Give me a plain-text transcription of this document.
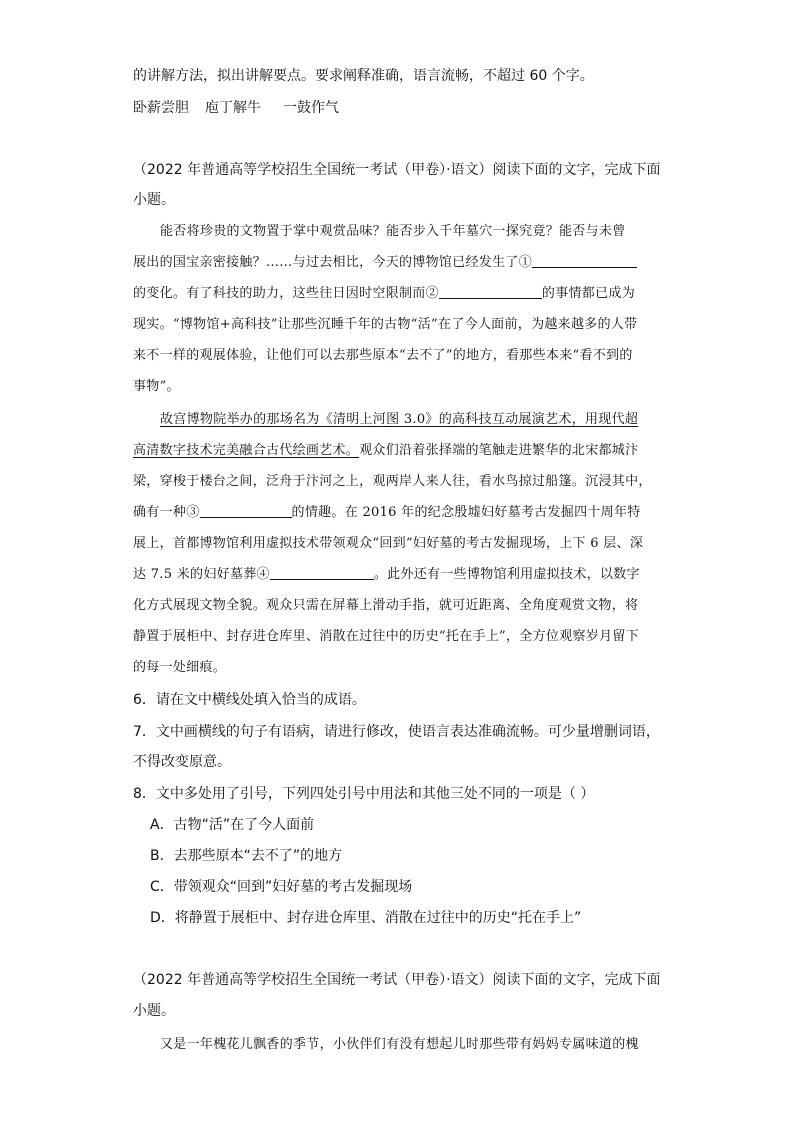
的讲解方法，拟出讲解要点。要求阐释准确，语言流畅，不超过 60 个字。
卧薪尝胆 庖丁解牛 一鼓作气
（2022 年普通高等学校招生全国统一考试（甲卷）·语文）阅读下面的文字，完成下面
小题。
能否将珍贵的文物置于掌中观赏品味？能否步入千年墓穴一探究竟？能否与未曾
展出的国宝亲密接触？……与过去相比，今天的博物馆已经发生了①
的变化。有了科技的助力，这些往日因时空限制而②	的事情都已成为
现实。“博物馆+高科技”让那些沉睡千年的古物“活”在了今人面前，为越来越多的人带
来不一样的观展体验，让他们可以去那些原本“去不了”的地方，看那些本来“看不到的
事物”。
故宫博物院举办的那场名为《清明上河图 3.0》的高科技互动展演艺术，用现代超
高清数字技术完美融合古代绘画艺术。观众们沿着张择端的笔触走进繁华的北宋都城汴
梁，穿梭于楼台之间，泛舟于汴河之上，观两岸人来人往，看水鸟掠过船篷。沉浸其中，
确有一种③	的情趣。在 2016 年的纪念殷墟妇好墓考古发掘四十周年特
展上，首都博物馆利用虚拟技术带领观众“回到”妇好墓的考古发掘现场，上下 6 层、深
达 7.5 米的妇好墓葬④	。此外还有一些博物馆利用虚拟技术，以数字
化方式展现文物全貌。观众只需在屏幕上滑动手指，就可近距离、全角度观赏文物，将
静置于展柜中、封存进仓库里、消散在过往中的历史“托在手上”，全方位观察岁月留下
的每一处细痕。
6．请在文中横线处填入恰当的成语。
7．文中画横线的句子有语病，请进行修改，使语言表达准确流畅。可少量增删词语，
不得改变原意。
8．文中多处用了引号，下列四处引号中用法和其他三处不同的一项是（ ）
A．古物“活”在了今人面前
B．去那些原本“去不了”的地方
C．带领观众“回到”妇好墓的考古发掘现场
D．将静置于展柜中、封存进仓库里、消散在过往中的历史“托在手上”
（2022 年普通高等学校招生全国统一考试（甲卷）·语文）阅读下面的文字，完成下面
小题。
又是一年槐花儿飘香的季节，小伙伴们有没有想起儿时那些带有妈妈专属味道的槐
